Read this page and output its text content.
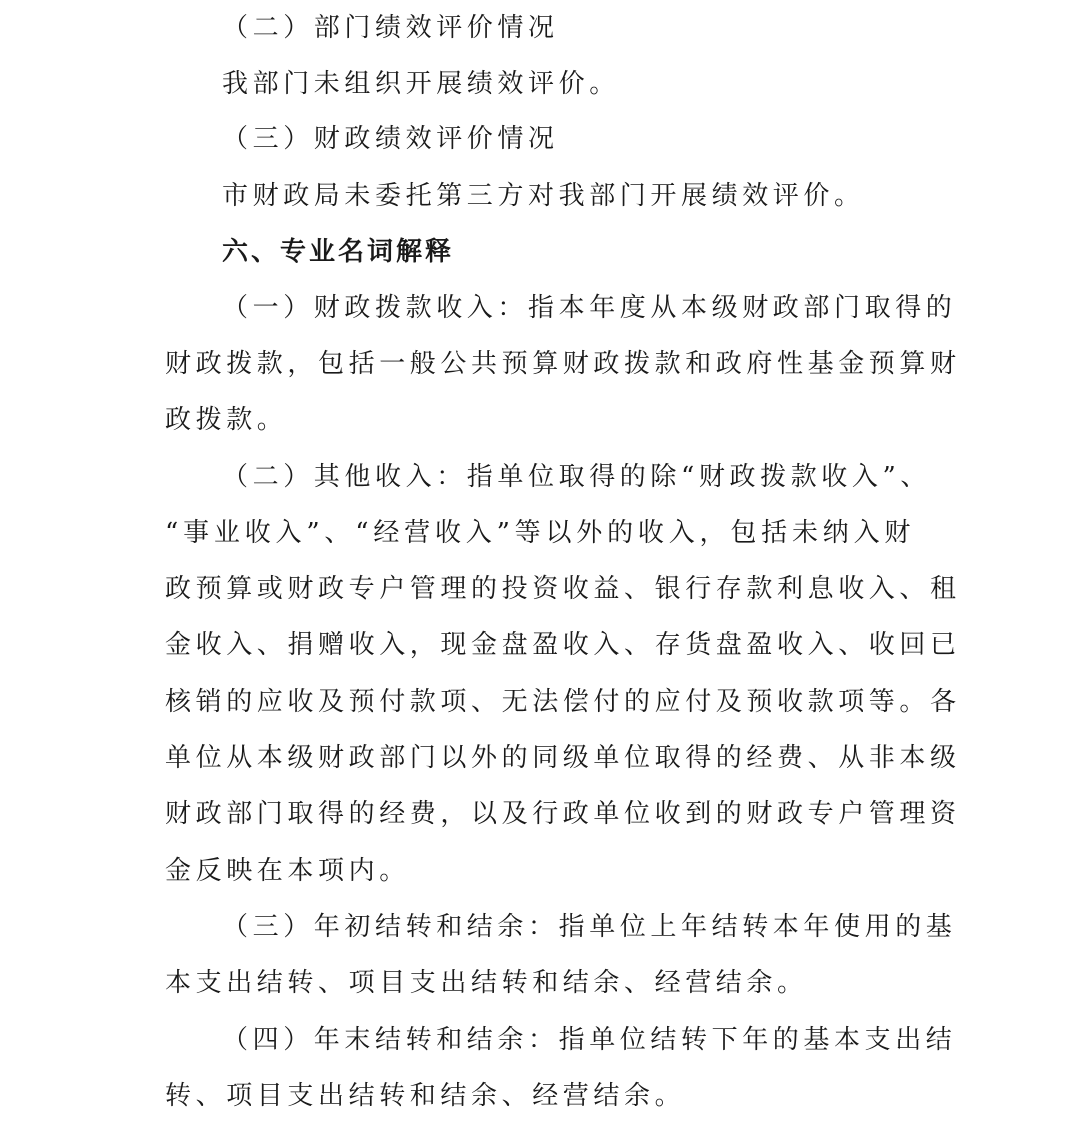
（二）部门绩效评价情况
我部门未组织开展绩效评价。
（三）财政绩效评价情况
市财政局未委托第三方对我部门开展绩效评价。
六、专业名词解释
（一）财政拨款收入：指本年度从本级财政部门取得的
财政拨款，包括一般公共预算财政拨款和政府性基金预算财
政拨款。
（二）其他收入：指单位取得的除“财政拨款收入”、
“事业收入”、“经营收入”等以外的收入，包括未纳入财
政预算或财政专户管理的投资收益、银行存款利息收入、租
金收入、捐赠收入，现金盘盈收入、存货盘盈收入、收回已
核销的应收及预付款项、无法偿付的应付及预收款项等。各
单位从本级财政部门以外的同级单位取得的经费、从非本级
财政部门取得的经费，以及行政单位收到的财政专户管理资
金反映在本项内。
（三）年初结转和结余：指单位上年结转本年使用的基
本支出结转、项目支出结转和结余、经营结余。
（四）年末结转和结余：指单位结转下年的基本支出结
转、项目支出结转和结余、经营结余。
